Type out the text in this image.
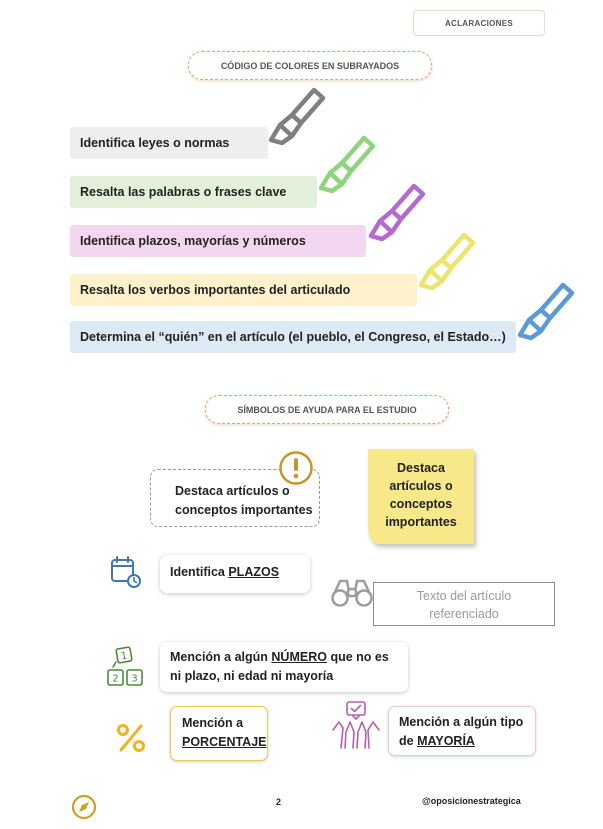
ACLARACIONES
CÓDIGO DE COLORES EN SUBRAYADOS
Identifica leyes o normas
Resalta las palabras o frases clave
Identifica plazos, mayorías y números
Resalta los verbos importantes del articulado
Determina el “quién” en el artículo (el pueblo, el Congreso, el Estado…)
SÍMBOLOS DE AYUDA PARA EL ESTUDIO
Destaca artículos o
conceptos importantes
Destaca
artículos o
conceptos
importantes
Identifica PLAZOS
Texto del artículo
referenciado
1
2 3
Mención a algún NÚMERO que no es
ni plazo, ni edad ni mayoría
Mención a
PORCENTAJE
Mención a algún tipo
de MAYORÍA
2	@oposicionestrategica
